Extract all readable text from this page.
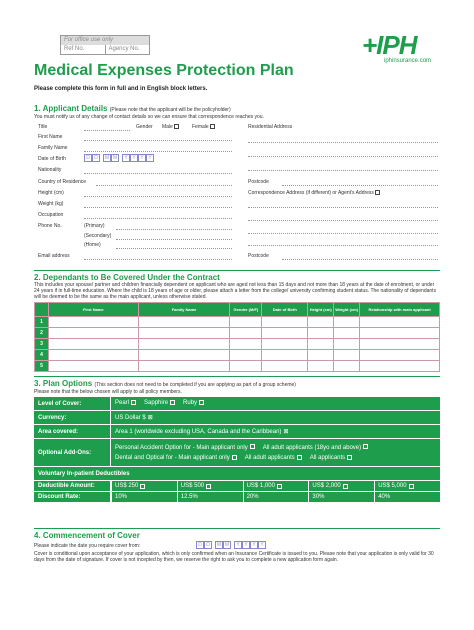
For office use only
Ref No.	Agency No.	+IPH
iphinsurance.com
Medical Expenses Protection Plan
Please complete this form in full and in English block letters.
1. Applicant Details (Please note that the applicant will be the policyholder)
You must notify us of any change of contact details so we can ensure that correspondence reaches you.
Title	Gender Male	Female	Residential Address
First Name
Family Name
Date of Birth	D D	M M	Y Y Y Y
Nationality
Country of Residence	Postcode
Height (cm)	Correspondence Address (if different) or Agent's Address
Weight (kg)
Occupation
Phone No.	(Primary)
(Secondary)
(Home)
Email address	Postcode
2. Dependants to Be Covered Under the Contract
This includes your spouse/ partner and children financially dependent on applicant who are aged not less than 15 days and not more than 18 years at the date of enrolment, or under 24 years if in full-time education. Where the child is 18 years of age or older, please attach a letter from the college/ university confirming student status. The nationality of dependants will be deemed to be the same as the main applicant, unless otherwise stated.
	First Name	Family Name	Gender (M/F)	Date of Birth	Height (cm)	Weight (cm)	Relationship with main applicant
1							
2							
3							
4							
5							
3. Plan Options (This section does not need to be completed if you are applying as part of a group scheme)
Please note that the below chosen will apply to all policy members.
Level of Cover:	Pearl	Sapphire	Ruby
Currency:	US Dollar $ ⊠
Area covered:	Area 1 (worldwide excluding USA, Canada and the Caribbean) ⊠
Optional Add-Ons:
Personal Accident Option for - Main applicant only	All adult applicants (18yo and above)
Dental and Optical for - Main applicant only	All adult applicants	All applicants
Voluntary In-patient Deductibles
Deductible Amount:	US$ 250	US$ 500	US$ 1,000	US$ 2,000	US$ 5,000
Discount Rate:	10%	12.5%	20%	30%	40%
4. Commencement of Cover
Please indicate the date you require cover from:	D D	M M	Y Y Y Y
Cover is conditional upon acceptance of your application, which is only confirmed when an Insurance Certificate is issued to you. Please note that your application is only valid for 30 days from the date of signature. If cover is not incepted by then, we reserve the right to ask you to complete a new application form again.
